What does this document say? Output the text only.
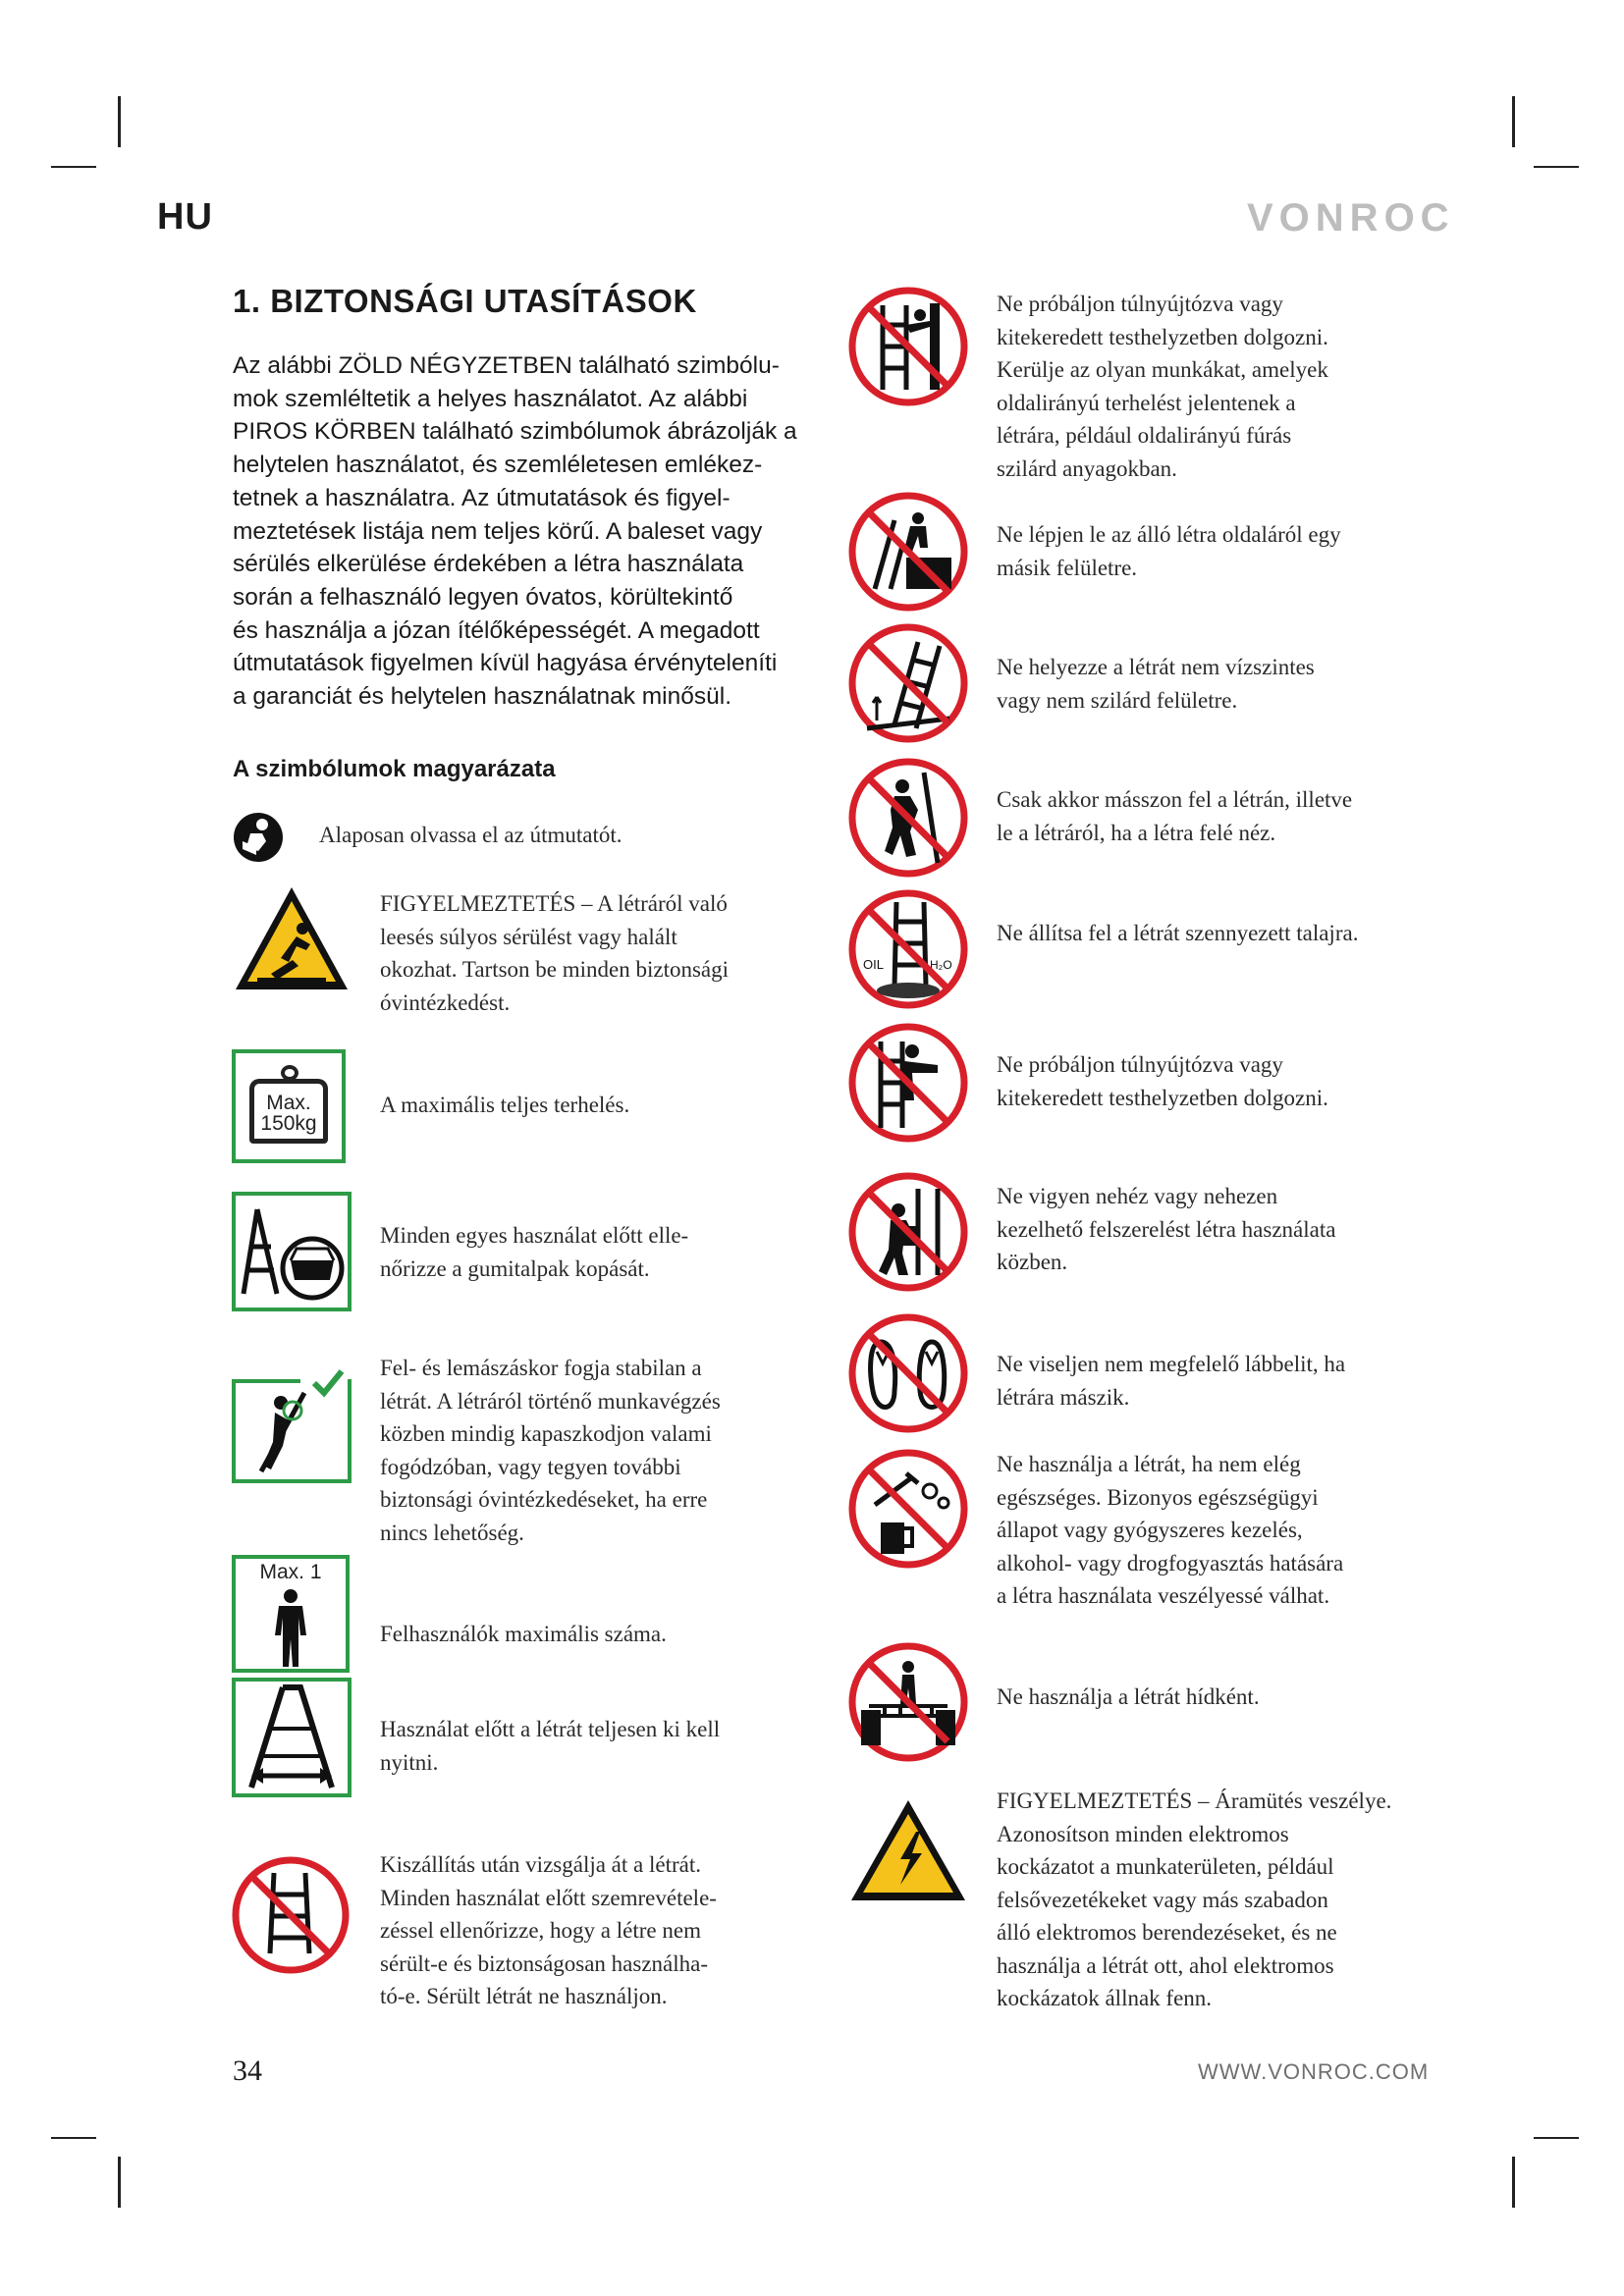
HU	VONROC
1. BIZTONSÁGI UTASÍTÁSOK
Az alábbi ZÖLD NÉGYZETBEN található szimbólu-
mok szemléltetik a helyes használatot. Az alábbi
PIROS KÖRBEN található szimbólumok ábrázolják a
helytelen használatot, és szemléletesen emlékez-
tetnek a használatra. Az útmutatások és figyel-
meztetések listája nem teljes körű. A baleset vagy
sérülés elkerülése érdekében a létra használata
során a felhasználó legyen óvatos, körültekintő
és használja a józan ítélőképességét. A megadott
útmutatások figyelmen kívül hagyása érvényteleníti
a garanciát és helytelen használatnak minősül.
A szimbólumok magyarázata
Alaposan olvassa el az útmutatót.
FIGYELMEZTETÉS – A létráról való
leesés súlyos sérülést vagy halált
okozhat. Tartson be minden biztonsági
óvintézkedést.
Max.
150kg
A maximális teljes terhelés.
Minden egyes használat előtt elle-
nőrizze a gumitalpak kopását.
Fel- és lemászáskor fogja stabilan a
létrát. A létráról történő munkavégzés
közben mindig kapaszkodjon valami
fogódzóban, vagy tegyen további
biztonsági óvintézkedéseket, ha erre
nincs lehetőség.
Max. 1
Felhasználók maximális száma.
Használat előtt a létrát teljesen ki kell
nyitni.
Kiszállítás után vizsgálja át a létrát.
Minden használat előtt szemrevétele-
zéssel ellenőrizze, hogy a létre nem
sérült-e és biztonságosan használha-
tó-e. Sérült létrát ne használjon.
Ne próbáljon túlnyújtózva vagy
kitekeredett testhelyzetben dolgozni.
Kerülje az olyan munkákat, amelyek
oldalirányú terhelést jelentenek a
létrára, például oldalirányú fúrás
szilárd anyagokban.
Ne lépjen le az álló létra oldaláról egy
másik felületre.
Ne helyezze a létrát nem vízszintes
vagy nem szilárd felületre.
Csak akkor másszon fel a létrán, illetve
le a létráról, ha a létra felé néz.
OIL	H₂O
Ne állítsa fel a létrát szennyezett talajra.
Ne próbáljon túlnyújtózva vagy
kitekeredett testhelyzetben dolgozni.
Ne vigyen nehéz vagy nehezen
kezelhető felszerelést létra használata
közben.
Ne viseljen nem megfelelő lábbelit, ha
létrára mászik.
Ne használja a létrát, ha nem elég
egészséges. Bizonyos egészségügyi
állapot vagy gyógyszeres kezelés,
alkohol- vagy drogfogyasztás hatására
a létra használata veszélyessé válhat.
Ne használja a létrát hídként.
FIGYELMEZTETÉS – Áramütés veszélye.
Azonosítson minden elektromos
kockázatot a munkaterületen, például
felsővezetékeket vagy más szabadon
álló elektromos berendezéseket, és ne
használja a létrát ott, ahol elektromos
kockázatok állnak fenn.
34	WWW.VONROC.COM
